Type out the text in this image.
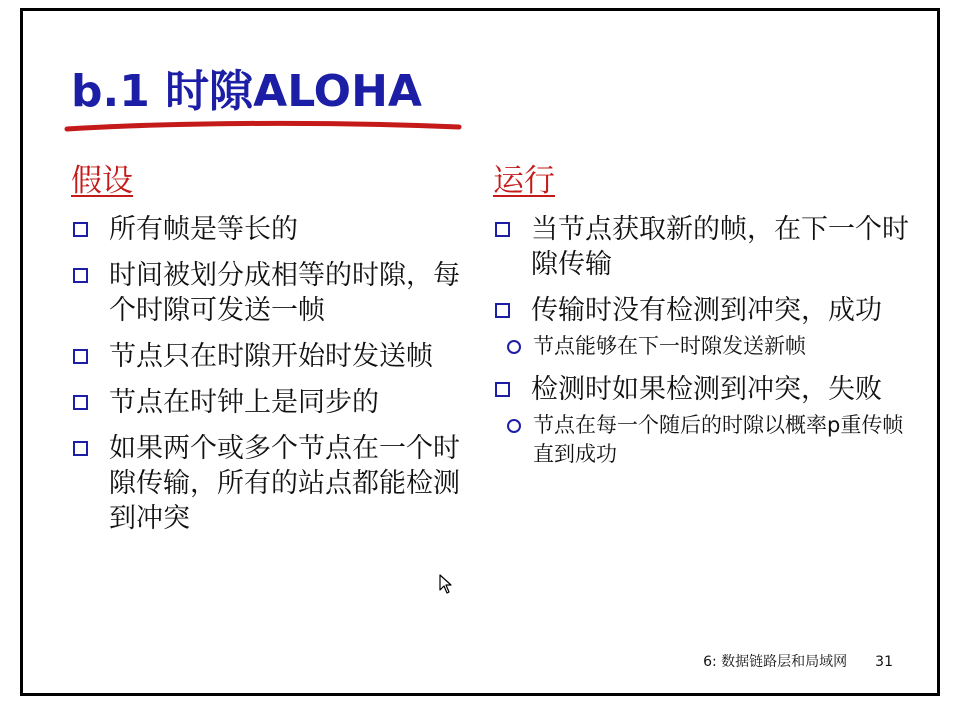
b.1 时隙ALOHA
假设
所有帧是等长的
时间被划分成相等的时隙，每个时隙可发送一帧
节点只在时隙开始时发送帧
节点在时钟上是同步的
如果两个或多个节点在一个时隙传输，所有的站点都能检测到冲突
运行
当节点获取新的帧，在下一个时隙传输
传输时没有检测到冲突，成功
节点能够在下一时隙发送新帧
检测时如果检测到冲突，失败
节点在每一个随后的时隙以概率p重传帧直到成功
6: 数据链路层和局域网 31
